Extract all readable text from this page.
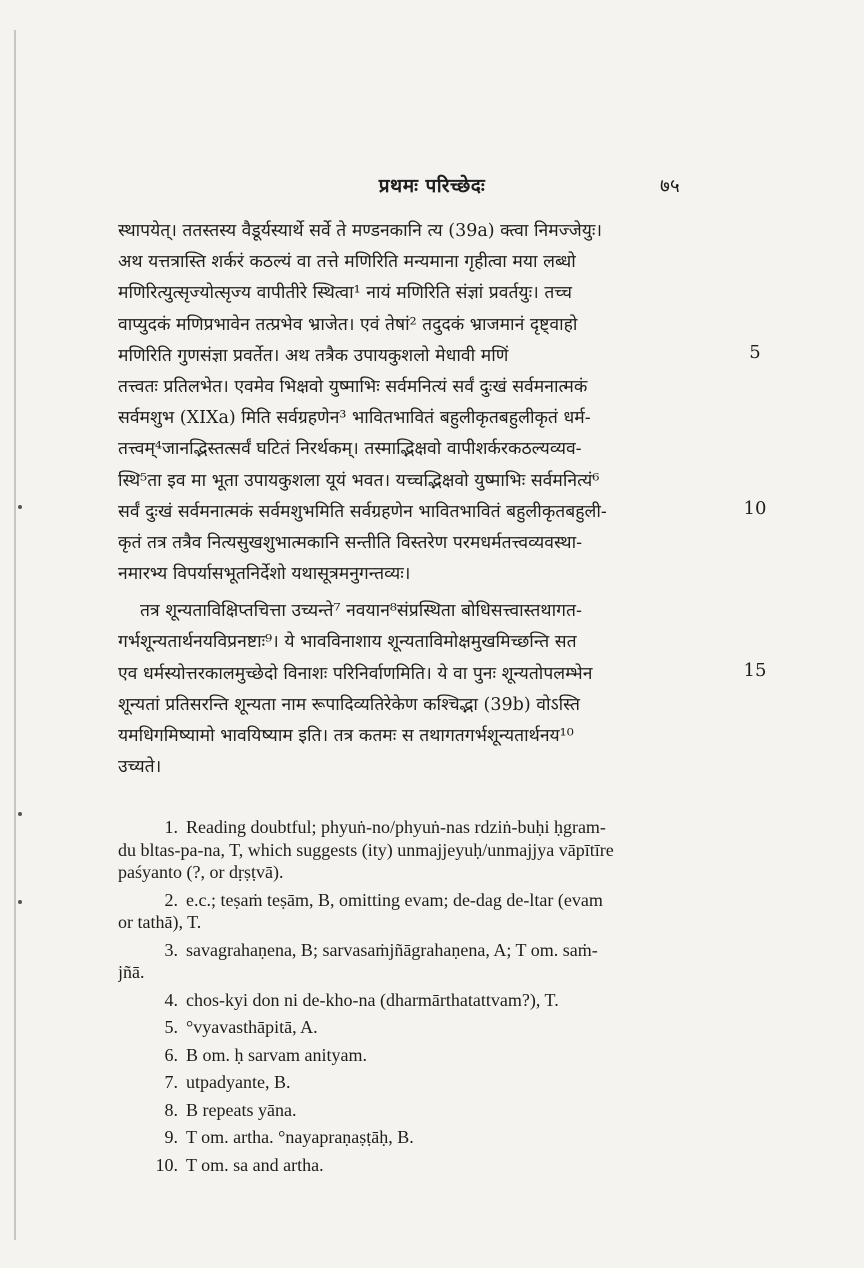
प्रथमः परिच्छेदः	७५
स्थापयेत्। ततस्तस्य वैडूर्यस्यार्थे सर्वे ते मण्डनकानि त्य (39a) क्त्वा निमज्जेयुः।
अथ यत्तत्रास्ति शर्करं कठल्यं वा तत्ते मणिरिति मन्यमाना गृहीत्वा मया लब्धो
मणिरित्युत्सृज्योत्सृज्य वापीतीरे स्थित्वा¹ नायं मणिरिति संज्ञां प्रवर्तयुः। तच्च
वाप्युदकं मणिप्रभावेन तत्प्रभेव भ्राजेत। एवं तेषां² तदुदकं भ्राजमानं दृष्ट्वाहो
मणिरिति गुणसंज्ञा प्रवर्तेत। अथ तत्रैक उपायकुशलो मेधावी मणिं
तत्त्वतः प्रतिलभेत। एवमेव भिक्षवो युष्माभिः सर्वमनित्यं सर्वं दुःखं सर्वमनात्मकं
सर्वमशुभ (XIXa) मिति सर्वग्रहणेन³ भावितभावितं बहुलीकृतबहुलीकृतं धर्म-
तत्त्वम्⁴जानद्भिस्तत्सर्वं घटितं निरर्थकम्। तस्माद्भिक्षवो वापीशर्करकठल्यव्यव-
स्थि⁵ता इव मा भूता उपायकुशला यूयं भवत। यच्चद्भिक्षवो युष्माभिः सर्वमनित्यं⁶
सर्वं दुःखं सर्वमनात्मकं सर्वमशुभमिति सर्वग्रहणेन भावितभावितं बहुलीकृतबहुली-
कृतं तत्र तत्रैव नित्यसुखशुभात्मकानि सन्तीति विस्तरेण परमधर्मतत्त्वव्यवस्था-
नमारभ्य विपर्यासभूतनिर्देशो यथासूत्रमनुगन्तव्यः।
तत्र शून्यताविक्षिप्तचित्ता उच्यन्ते⁷ नवयान⁸संप्रस्थिता बोधिसत्त्वास्तथागत-
गर्भशून्यतार्थनयविप्रनष्टाः⁹। ये भावविनाशाय शून्यताविमोक्षमुखमिच्छन्ति सत
एव धर्मस्योत्तरकालमुच्छेदो विनाशः परिनिर्वाणमिति। ये वा पुनः शून्यतोपलम्भेन
शून्यतां प्रतिसरन्ति शून्यता नाम रूपादिव्यतिरेकेण कश्चिद्भा (39b) वोऽस्ति
यमधिगमिष्यामो भावयिष्याम इति। तत्र कतमः स तथागतगर्भशून्यतार्थनय¹⁰
उच्यते।
5
10
15
1. Reading doubtful; phyuṅ-no/phyuṅ-nas rdziṅ-buḥi ḥgram-
du bltas-pa-na, T, which suggests (ity) unmajjeyuḥ/unmajjya vāpītīre
paśyanto (?, or dṛṣṭvā).
2. e.c.; teṣaṁ teṣām, B, omitting evam; de-dag de-ltar (evam
or tathā), T.
3. savagrahaṇena, B; sarvasaṁjñāgrahaṇena, A; T om. saṁ-
jñā.
4. chos-kyi don ni de-kho-na (dharmārthatattvam?), T.
5. °vyavasthāpitā, A.
6. B om. ḥ sarvam anityam.
7. utpadyante, B.
8. B repeats yāna.
9. T om. artha. °nayapraṇaṣṭāḥ, B.
10. T om. sa and artha.
